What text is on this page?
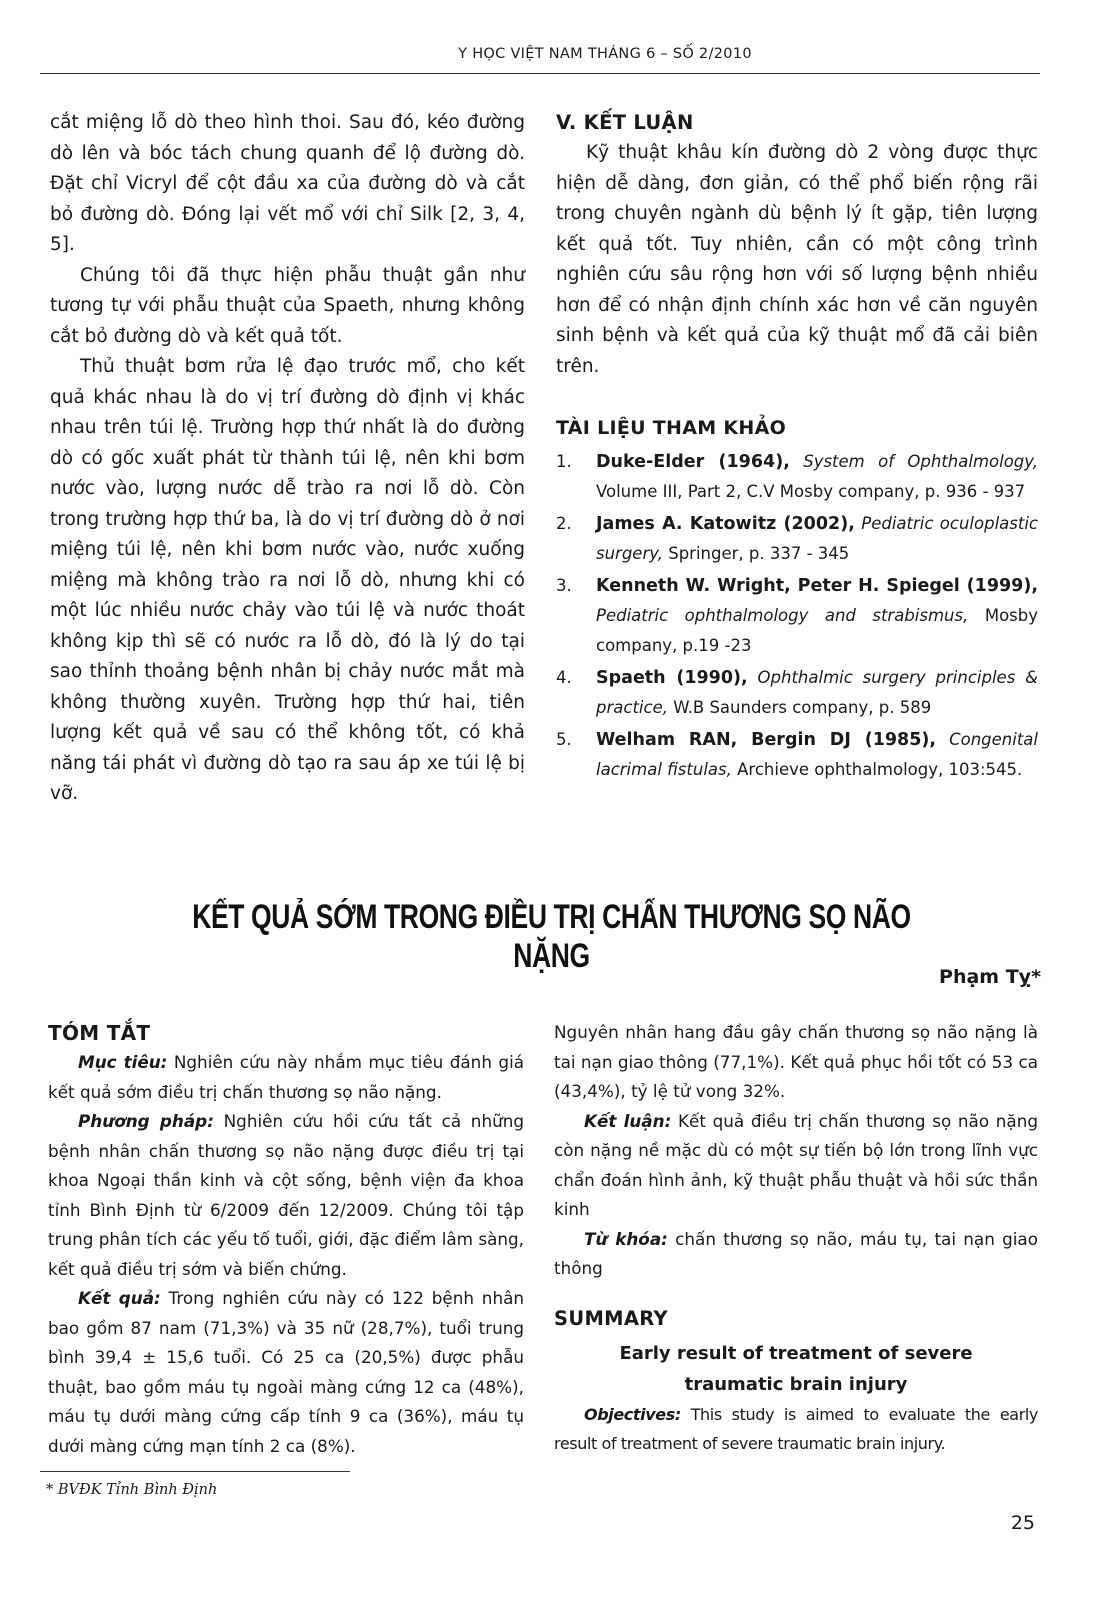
Y HỌC VIỆT NAM THÁNG 6 – SỐ 2/2010

cắt miệng lỗ dò theo hình thoi. Sau đó, kéo đường dò lên và bóc tách chung quanh để lộ đường dò. Đặt chỉ Vicryl để cột đầu xa của đường dò và cắt bỏ đường dò. Đóng lại vết mổ với chỉ Silk [2, 3, 4, 5].

Chúng tôi đã thực hiện phẫu thuật gần như tương tự với phẫu thuật của Spaeth, nhưng không cắt bỏ đường dò và kết quả tốt.

Thủ thuật bơm rửa lệ đạo trước mổ, cho kết quả khác nhau là do vị trí đường dò định vị khác nhau trên túi lệ. Trường hợp thứ nhất là do đường dò có gốc xuất phát từ thành túi lệ, nên khi bơm nước vào, lượng nước dễ trào ra nơi lỗ dò. Còn trong trường hợp thứ ba, là do vị trí đường dò ở nơi miệng túi lệ, nên khi bơm nước vào, nước xuống miệng mà không trào ra nơi lỗ dò, nhưng khi có một lúc nhiều nước chảy vào túi lệ và nước thoát không kịp thì sẽ có nước ra lỗ dò, đó là lý do tại sao thỉnh thoảng bệnh nhân bị chảy nước mắt mà không thường xuyên. Trường hợp thứ hai, tiên lượng kết quả về sau có thể không tốt, có khả năng tái phát vì đường dò tạo ra sau áp xe túi lệ bị vỡ.

V. KẾT LUẬN

Kỹ thuật khâu kín đường dò 2 vòng được thực hiện dễ dàng, đơn giản, có thể phổ biến rộng rãi trong chuyên ngành dù bệnh lý ít gặp, tiên lượng kết quả tốt. Tuy nhiên, cần có một công trình nghiên cứu sâu rộng hơn với số lượng bệnh nhiều hơn để có nhận định chính xác hơn về căn nguyên sinh bệnh và kết quả của kỹ thuật mổ đã cải biên trên.

TÀI LIỆU THAM KHẢO
1. Duke-Elder (1964), System of Ophthalmology, Volume III, Part 2, C.V Mosby company, p. 936 - 937
2. James A. Katowitz (2002), Pediatric oculoplastic surgery, Springer, p. 337 - 345
3. Kenneth W. Wright, Peter H. Spiegel (1999), Pediatric ophthalmology and strabismus, Mosby company, p.19 -23
4. Spaeth (1990), Ophthalmic surgery principles & practice, W.B Saunders company, p. 589
5. Welham RAN, Bergin DJ (1985), Congenital lacrimal fistulas, Archieve ophthalmology, 103:545.
KẾT QUẢ SỚM TRONG ĐIỀU TRỊ CHẤN THƯƠNG SỌ NÃO NẶNG
Phạm Tỵ*
TÓM TẮT

Mục tiêu: Nghiên cứu này nhắm mục tiêu đánh giá kết quả sớm điều trị chấn thương sọ não nặng.

Phương pháp: Nghiên cứu hồi cứu tất cả những bệnh nhân chấn thương sọ não nặng được điều trị tại khoa Ngoại thần kinh và cột sống, bệnh viện đa khoa tỉnh Bình Định từ 6/2009 đến 12/2009. Chúng tôi tập trung phân tích các yếu tố tuổi, giới, đặc điểm lâm sàng, kết quả điều trị sớm và biến chứng.

Kết quả: Trong nghiên cứu này có 122 bệnh nhân bao gồm 87 nam (71,3%) và 35 nữ (28,7%), tuổi trung bình 39,4 ± 15,6 tuổi. Có 25 ca (20,5%) được phẫu thuật, bao gồm máu tụ ngoài màng cứng 12 ca (48%), máu tụ dưới màng cứng cấp tính 9 ca (36%), máu tụ dưới màng cứng mạn tính 2 ca (8%).

Nguyên nhân hang đầu gây chấn thương sọ não nặng là tai nạn giao thông (77,1%). Kết quả phục hồi tốt có 53 ca (43,4%), tỷ lệ tử vong 32%.

Kết luận: Kết quả điều trị chấn thương sọ não nặng còn nặng nề mặc dù có một sự tiến bộ lớn trong lĩnh vực chẩn đoán hình ảnh, kỹ thuật phẫu thuật và hồi sức thần kinh

Từ khóa: chấn thương sọ não, máu tụ, tai nạn giao thông

SUMMARY
Early result of treatment of severe traumatic brain injury

Objectives: This study is aimed to evaluate the early result of treatment of severe traumatic brain injury.

* BVĐK Tỉnh Bình Định
25
